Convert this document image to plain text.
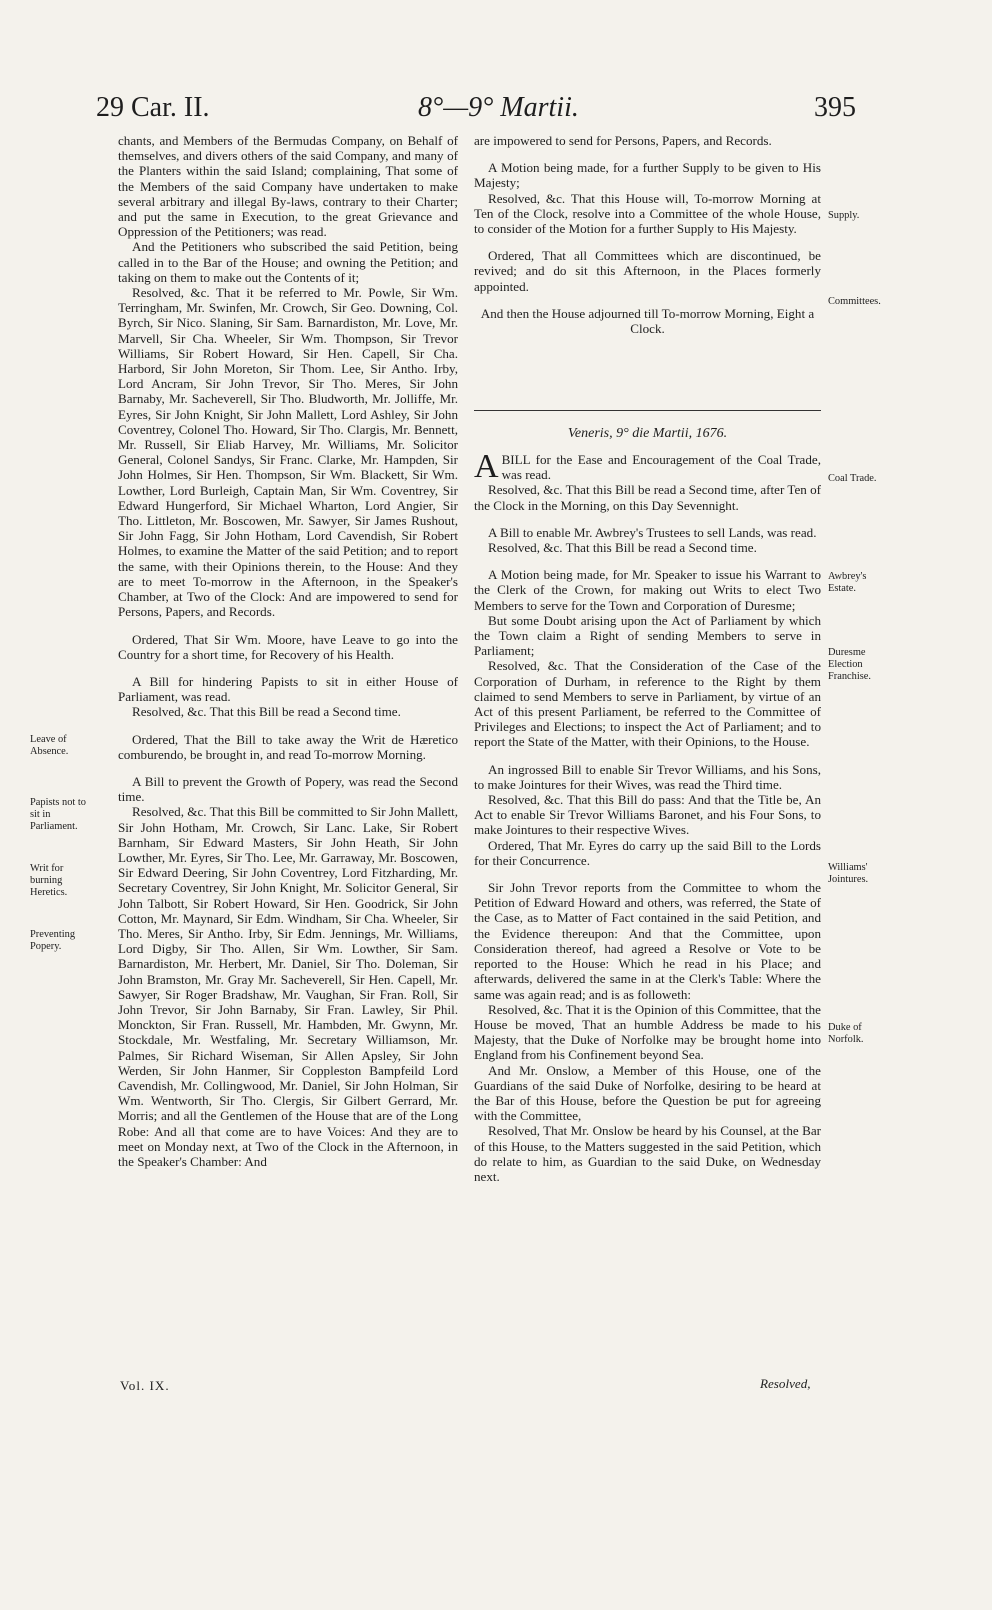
29 Car. II.	8°—9° Martii.	395

chants, and Members of the Bermudas Company, on Behalf of themselves, and divers others of the said Company, and many of the Planters within the said Island; complaining, That some of the Members of the said Company have undertaken to make several arbitrary and illegal By-laws, contrary to their Charter; and put the same in Execution, to the great Grievance and Oppression of the Petitioners; was read.

And the Petitioners who subscribed the said Petition, being called in to the Bar of the House; and owning the Petition; and taking on them to make out the Contents of it;

Resolved, &c. That it be referred to Mr. Powle, Sir Wm. Terringham, Mr. Swinfen, Mr. Crowch, Sir Geo. Downing, Col. Byrch, Sir Nico. Slaning, Sir Sam. Barnardiston, Mr. Love, Mr. Marvell, Sir Cha. Wheeler, Sir Wm. Thompson, Sir Trevor Williams, Sir Robert Howard, Sir Hen. Capell, Sir Cha. Harbord, Sir John Moreton, Sir Thom. Lee, Sir Antho. Irby, Lord Ancram, Sir John Trevor, Sir Tho. Meres, Sir John Barnaby, Mr. Sacheverell, Sir Tho. Bludworth, Mr. Jolliffe, Mr. Eyres, Sir John Knight, Sir John Mallett, Lord Ashley, Sir John Coventrey, Colonel Tho. Howard, Sir Tho. Clargis, Mr. Bennett, Mr. Russell, Sir Eliab Harvey, Mr. Williams, Mr. Solicitor General, Colonel Sandys, Sir Franc. Clarke, Mr. Hampden, Sir John Holmes, Sir Hen. Thompson, Sir Wm. Blackett, Sir Wm. Lowther, Lord Burleigh, Captain Man, Sir Wm. Coventrey, Sir Edward Hungerford, Sir Michael Wharton, Lord Angier, Sir Tho. Littleton, Mr. Boscowen, Mr. Sawyer, Sir James Rushout, Sir John Fagg, Sir John Hotham, Lord Cavendish, Sir Robert Holmes, to examine the Matter of the said Petition; and to report the same, with their Opinions therein, to the House: And they are to meet To-morrow in the Afternoon, in the Speaker's Chamber, at Two of the Clock: And are impowered to send for Persons, Papers, and Records.

Ordered, That Sir Wm. Moore, have Leave to go into the Country for a short time, for Recovery of his Health.

A Bill for hindering Papists to sit in either House of Parliament, was read.

Resolved, &c. That this Bill be read a Second time.

Ordered, That the Bill to take away the Writ de Hæretico comburendo, be brought in, and read To-morrow Morning.

A Bill to prevent the Growth of Popery, was read the Second time.

Resolved, &c. That this Bill be committed to Sir John Mallett, Sir John Hotham, Mr. Crowch, Sir Lanc. Lake, Sir Robert Barnham, Sir Edward Masters, Sir John Heath, Sir John Lowther, Mr. Eyres, Sir Tho. Lee, Mr. Garraway, Mr. Boscowen, Sir Edward Deering, Sir John Coventrey, Lord Fitzharding, Mr. Secretary Coventrey, Sir John Knight, Mr. Solicitor General, Sir John Talbott, Sir Robert Howard, Sir Hen. Goodrick, Sir John Cotton, Mr. Maynard, Sir Edm. Windham, Sir Cha. Wheeler, Sir Tho. Meres, Sir Antho. Irby, Sir Edm. Jennings, Mr. Williams, Lord Digby, Sir Tho. Allen, Sir Wm. Lowther, Sir Sam. Barnardiston, Mr. Herbert, Mr. Daniel, Sir Tho. Doleman, Sir John Bramston, Mr. Gray Mr. Sacheverell, Sir Hen. Capell, Mr. Sawyer, Sir Roger Bradshaw, Mr. Vaughan, Sir Fran. Roll, Sir John Trevor, Sir John Barnaby, Sir Fran. Lawley, Sir Phil. Monckton, Sir Fran. Russell, Mr. Hambden, Mr. Gwynn, Mr. Stockdale, Mr. Westfaling, Mr. Secretary Williamson, Mr. Palmes, Sir Richard Wiseman, Sir Allen Apsley, Sir John Werden, Sir John Hanmer, Sir Coppleston Bampfeild Lord Cavendish, Mr. Collingwood, Mr. Daniel, Sir John Holman, Sir Wm. Wentworth, Sir Tho. Clergis, Sir Gilbert Gerrard, Mr. Morris; and all the Gentlemen of the House that are of the Long Robe: And all that come are to have Voices: And they are to meet on Monday next, at Two of the Clock in the Afternoon, in the Speaker's Chamber: And

Leave of Absence.
Papists not to sit in Parliament.
Writ for burning Heretics.
Preventing Popery.

are impowered to send for Persons, Papers, and Records.

A Motion being made, for a further Supply to be given to His Majesty;

Resolved, &c. That this House will, To-morrow Morning at Ten of the Clock, resolve into a Committee of the whole House, to consider of the Motion for a further Supply to His Majesty.

Ordered, That all Committees which are discontinued, be revived; and do sit this Afternoon, in the Places formerly appointed.

And then the House adjourned till To-morrow Morning, Eight a Clock.

Veneris, 9° die Martii, 1676.

ABILL for the Ease and Encouragement of the Coal Trade, was read.

Resolved, &c. That this Bill be read a Second time, after Ten of the Clock in the Morning, on this Day Sevennight.

A Bill to enable Mr. Awbrey's Trustees to sell Lands, was read.

Resolved, &c. That this Bill be read a Second time.

A Motion being made, for Mr. Speaker to issue his Warrant to the Clerk of the Crown, for making out Writs to elect Two Members to serve for the Town and Corporation of Duresme;

But some Doubt arising upon the Act of Parliament by which the Town claim a Right of sending Members to serve in Parliament;

Resolved, &c. That the Consideration of the Case of the Corporation of Durham, in reference to the Right by them claimed to send Members to serve in Parliament, by virtue of an Act of this present Parliament, be referred to the Committee of Privileges and Elections; to inspect the Act of Parliament; and to report the State of the Matter, with their Opinions, to the House.

An ingrossed Bill to enable Sir Trevor Williams, and his Sons, to make Jointures for their Wives, was read the Third time.

Resolved, &c. That this Bill do pass: And that the Title be, An Act to enable Sir Trevor Williams Baronet, and his Four Sons, to make Jointures to their respective Wives.

Ordered, That Mr. Eyres do carry up the said Bill to the Lords for their Concurrence.

Sir John Trevor reports from the Committee to whom the Petition of Edward Howard and others, was referred, the State of the Case, as to Matter of Fact contained in the said Petition, and the Evidence thereupon: And that the Committee, upon Consideration thereof, had agreed a Resolve or Vote to be reported to the House: Which he read in his Place; and afterwards, delivered the same in at the Clerk's Table: Where the same was again read; and is as followeth:

Resolved, &c. That it is the Opinion of this Committee, that the House be moved, That an humble Address be made to his Majesty, that the Duke of Norfolke may be brought home into England from his Confinement beyond Sea.

And Mr. Onslow, a Member of this House, one of the Guardians of the said Duke of Norfolke, desiring to be heard at the Bar of this House, before the Question be put for agreeing with the Committee,

Resolved, That Mr. Onslow be heard by his Counsel, at the Bar of this House, to the Matters suggested in the said Petition, which do relate to him, as Guardian to the said Duke, on Wednesday next.

Supply.
Committees.
Coal Trade.
Awbrey's Estate.
Duresme Election Franchise.
Williams' Jointures.
Duke of Norfolk.
Vol. IX.	Resolved,
